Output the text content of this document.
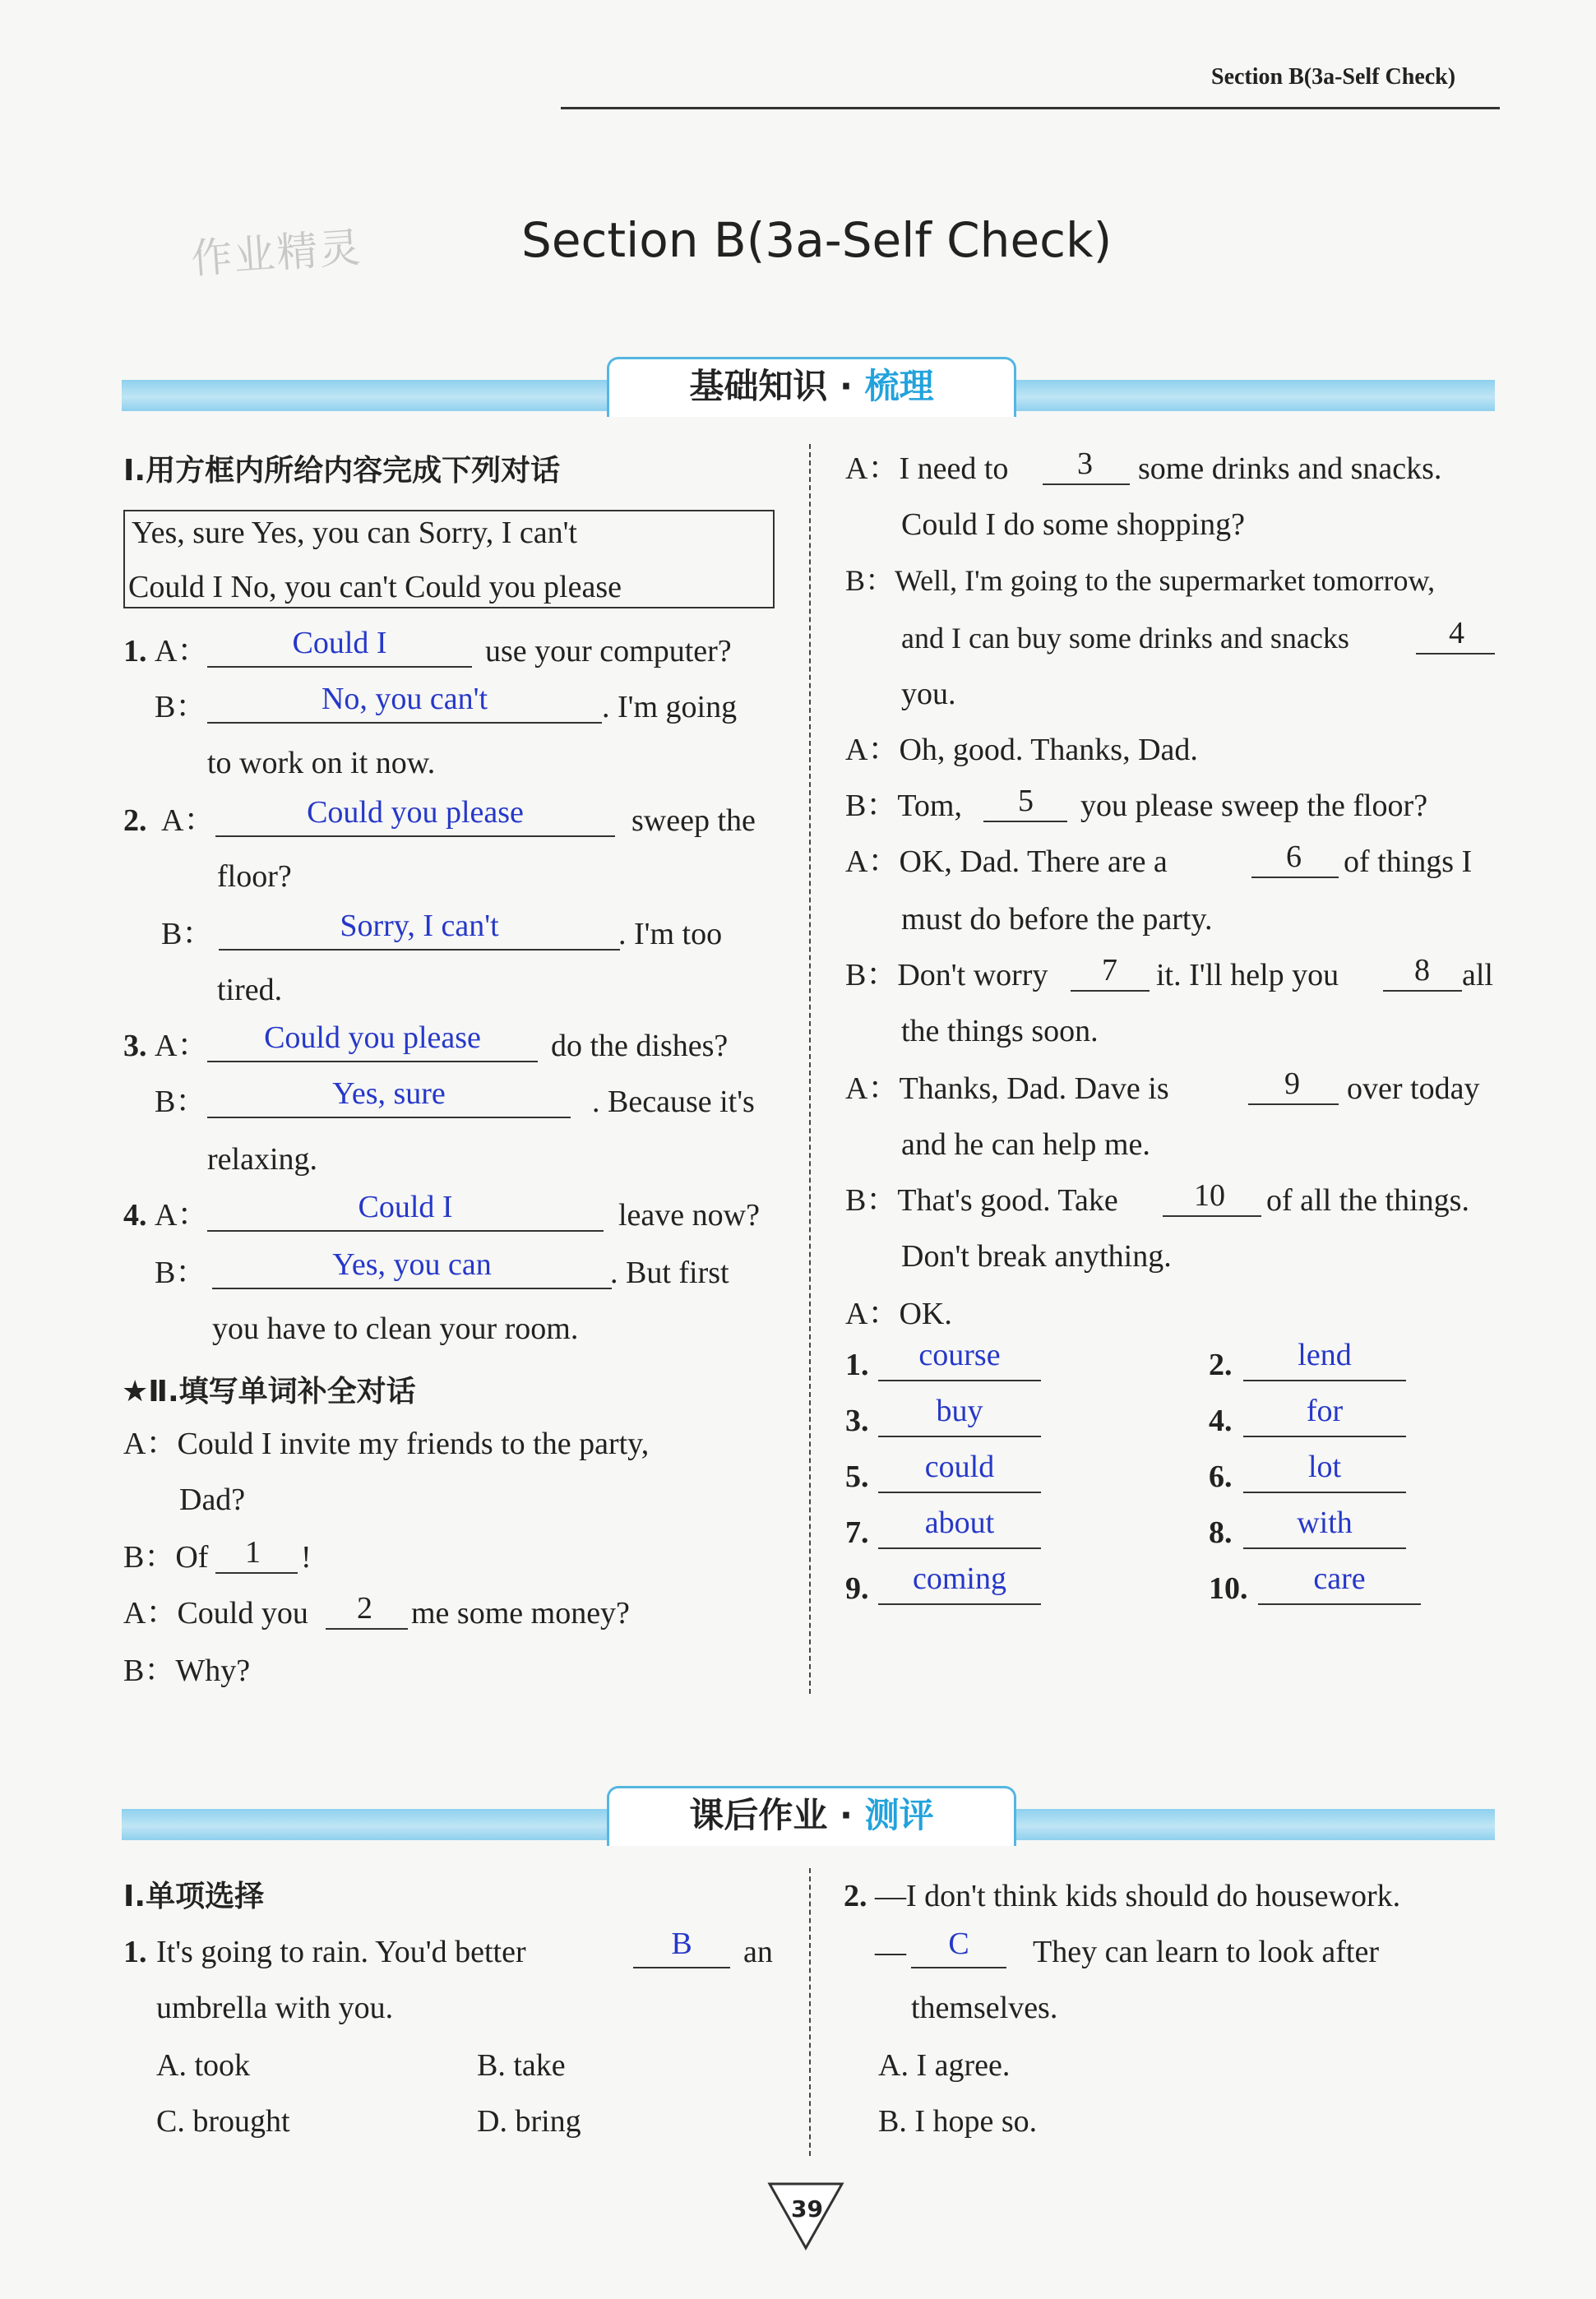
Section B(3a-Self Check)
作业精灵	Section B(3a-Self Check)
基础知识 · 梳理
Ⅰ.用方框内所给内容完成下列对话
Yes, sure Yes, you can Sorry, I can't
Could I No, you can't Could you please
1. A：	Could I	use your computer?
B：	No, you can't	. I'm going
to work on it now.
2. A：	Could you please	sweep the
floor?
B：	Sorry, I can't	. I'm too
tired.
3. A：	Could you please	do the dishes?
B：	Yes, sure	. Because it's
relaxing.
4. A：	Could I	leave now?
B：	Yes, you can	. But first
you have to clean your room.
★Ⅱ.填写单词补全对话
A：Could I invite my friends to the party,
Dad?
B：Of 1 !
A：Could you 2 me some money?
B：Why?
A：I need to 3 some drinks and snacks.
Could I do some shopping?
B：Well, I'm going to the supermarket tomorrow,
and I can buy some drinks and snacks	4
you.
A：Oh, good. Thanks, Dad.
B：Tom, 5 you please sweep the floor?
A：OK, Dad. There are a	6 of things I
must do before the party.
B：Don't worry 7 it. I'll help you 8 all
the things soon.
A：Thanks, Dad. Dave is	9 over today
and he can help me.
B：That's good. Take 10 of all the things.
Don't break anything.
A：OK.
1.	course	2.	lend
3.	buy	4.	for
5.	could	6.	lot
7.	about	8.	with
9.	coming	10.	care
课后作业 · 测评
Ⅰ.单项选择
1. It's going to rain. You'd better	B	an
umbrella with you.
A. took	B. take
C. brought	D. bring
2. —I don't think kids should do housework.
—	C	They can learn to look after
themselves.
A. I agree.
B. I hope so.
39
